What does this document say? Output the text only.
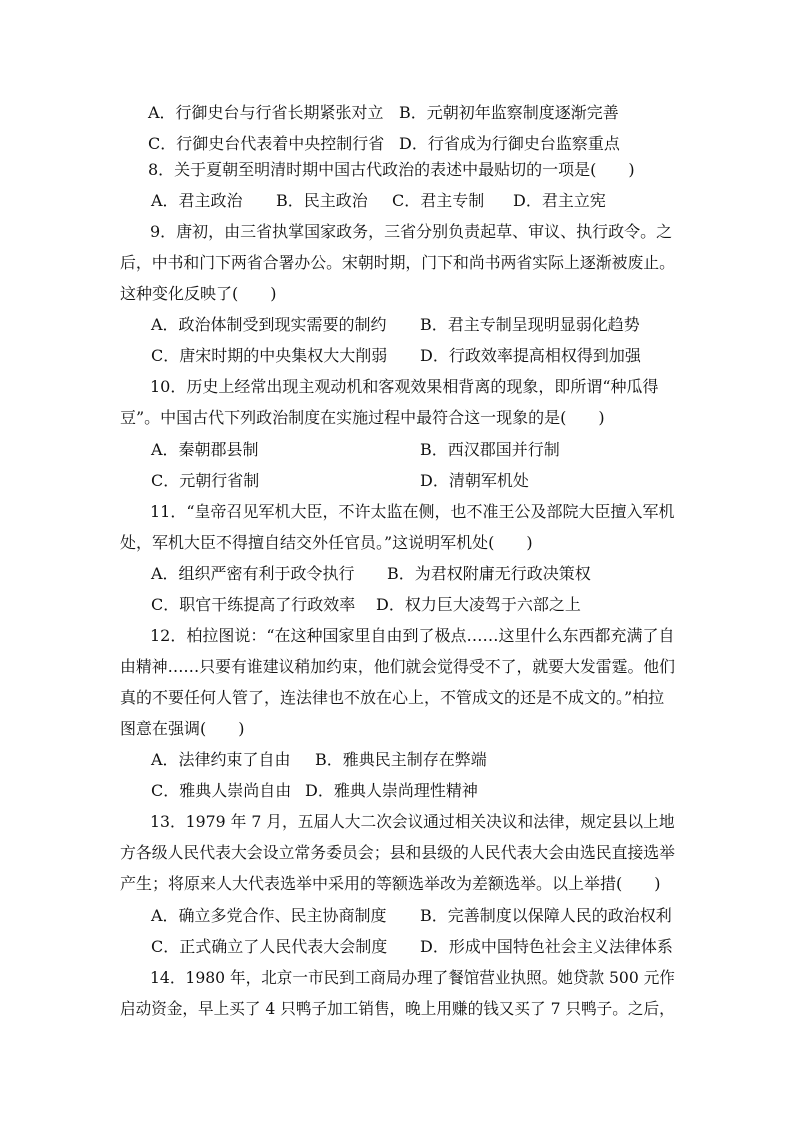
A．行御史台与行省长期紧张对立 B．元朝初年监察制度逐渐完善
C．行御史台代表着中央控制行省 D．行省成为行御史台监察重点
8．关于夏朝至明清时期中国古代政治的表述中最贴切的一项是(　　)
A．君主政治 B．民主政治 C．君主专制 D．君主立宪
9．唐初，由三省执掌国家政务，三省分别负责起草、审议、执行政令。之
后，中书和门下两省合署办公。宋朝时期，门下和尚书两省实际上逐渐被废止。
这种变化反映了(　　)
A．政治体制受到现实需要的制约 B．君主专制呈现明显弱化趋势
C．唐宋时期的中央集权大大削弱 D．行政效率提高相权得到加强
10．历史上经常出现主观动机和客观效果相背离的现象，即所谓“种瓜得
豆”。中国古代下列政治制度在实施过程中最符合这一现象的是(　　)
A．秦朝郡县制	B．西汉郡国并行制
C．元朝行省制	D．清朝军机处
11．“皇帝召见军机大臣，不许太监在侧，也不准王公及部院大臣擅入军机
处，军机大臣不得擅自结交外任官员。”这说明军机处(　　)
A．组织严密有利于政令执行 B．为君权附庸无行政决策权
C．职官干练提高了行政效率 D．权力巨大凌驾于六部之上
12．柏拉图说：“在这种国家里自由到了极点……这里什么东西都充满了自
由精神……只要有谁建议稍加约束，他们就会觉得受不了，就要大发雷霆。他们
真的不要任何人管了，连法律也不放在心上，不管成文的还是不成文的。”柏拉
图意在强调(　　)
A．法律约束了自由 B．雅典民主制存在弊端
C．雅典人崇尚自由 D．雅典人崇尚理性精神
13．1979 年 7 月，五届人大二次会议通过相关决议和法律，规定县以上地
方各级人民代表大会设立常务委员会；县和县级的人民代表大会由选民直接选举
产生；将原来人大代表选举中采用的等额选举改为差额选举。以上举措(　　)
A．确立多党合作、民主协商制度 B．完善制度以保障人民的政治权利
C．正式确立了人民代表大会制度 D．形成中国特色社会主义法律体系
14．1980 年，北京一市民到工商局办理了餐馆营业执照。她贷款 500 元作
启动资金，早上买了 4 只鸭子加工销售，晚上用赚的钱又买了 7 只鸭子。之后，
